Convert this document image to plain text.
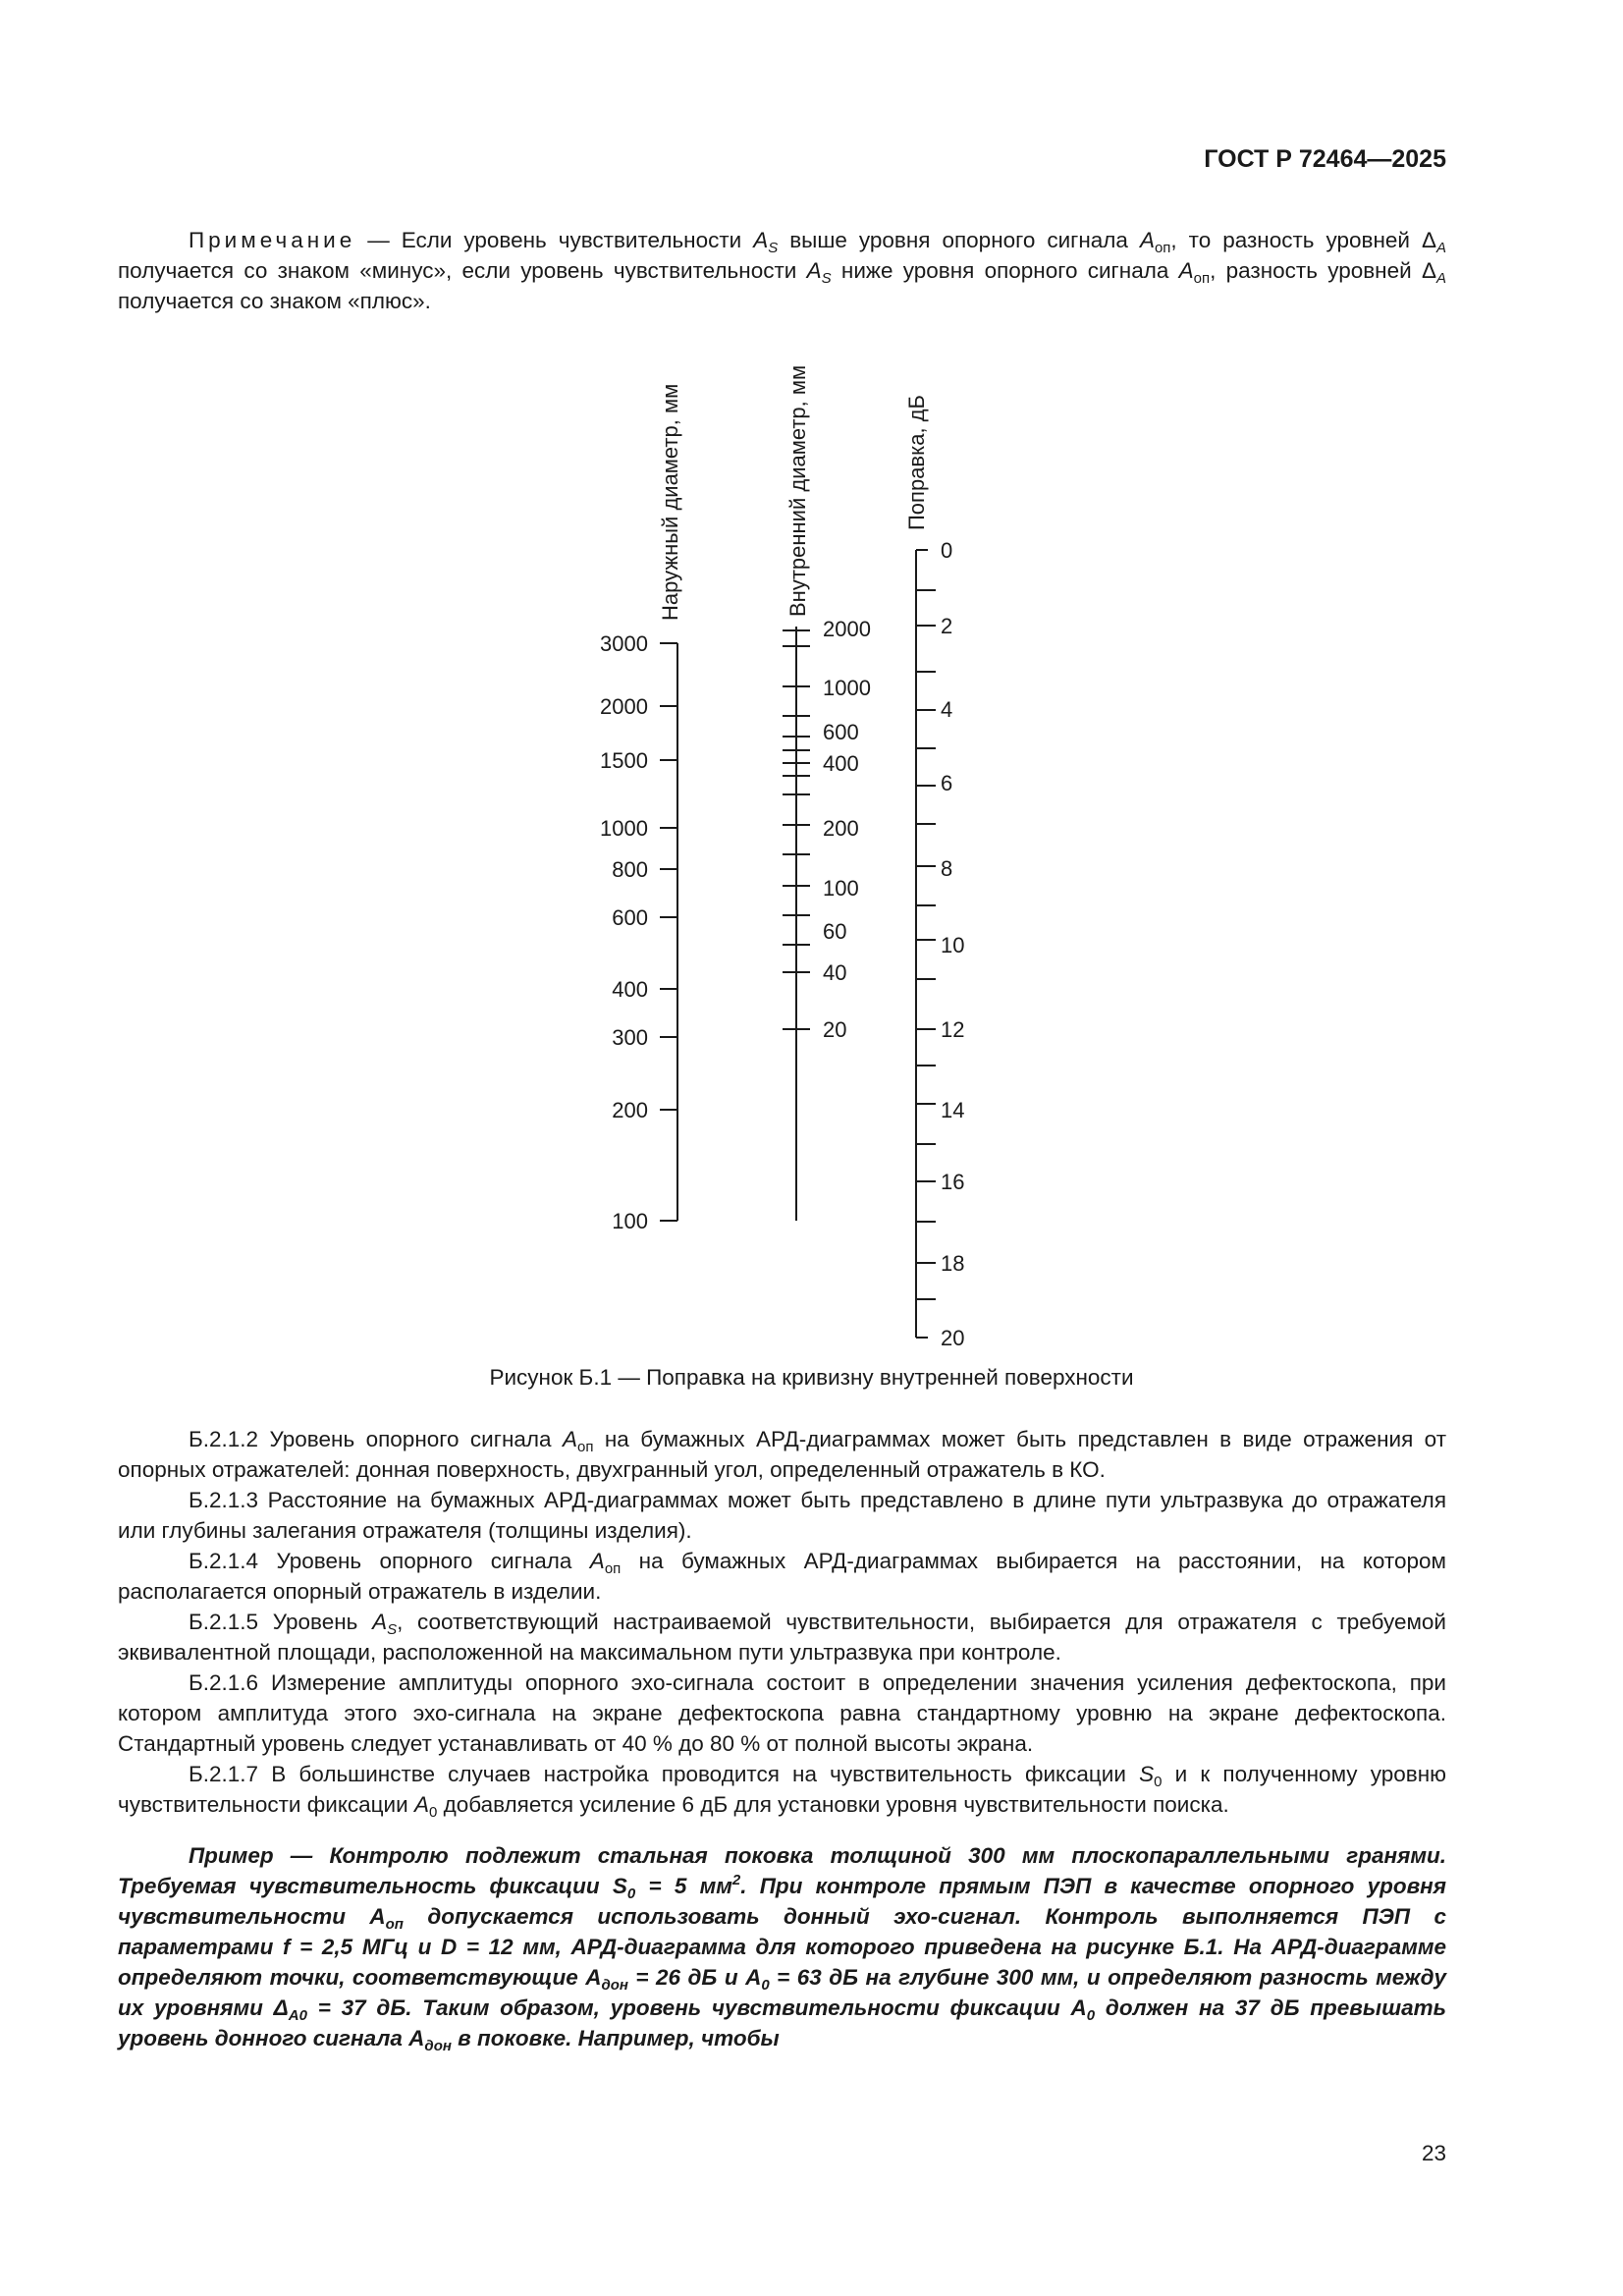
ГОСТ Р 72464—2025

Примечание — Если уровень чувствительности $A_S$ выше уровня опорного сигнала $A_{оп}$, то разность уровней $\Delta_A$ получается со знаком «минус», если уровень чувствительности $A_S$ ниже уровня опорного сигнала $A_{оп}$, разность уровней $\Delta_A$ получается со знаком «плюс».

Наружный диаметр, мм
3000
2000
1500
1000
800
600
400
300
200
100
Внутренний диаметр, мм
2000
1000
600
400
200
100
60
40
20
Поправка, дБ
0
2
4
6
8
10
12
14
16
18
20
Рисунок Б.1 — Поправка на кривизну внутренней поверхности

Б.2.1.2 Уровень опорного сигнала $A_{оп}$ на бумажных АРД-диаграммах может быть представлен в виде отражения от опорных отражателей: донная поверхность, двухгранный угол, определенный отражатель в КО.

Б.2.1.3 Расстояние на бумажных АРД-диаграммах может быть представлено в длине пути ультразвука до отражателя или глубины залегания отражателя (толщины изделия).

Б.2.1.4 Уровень опорного сигнала $A_{оп}$ на бумажных АРД-диаграммах выбирается на расстоянии, на котором располагается опорный отражатель в изделии.

Б.2.1.5 Уровень $A_S$, соответствующий настраиваемой чувствительности, выбирается для отражателя с требуемой эквивалентной площади, расположенной на максимальном пути ультразвука при контроле.

Б.2.1.6 Измерение амплитуды опорного эхо-сигнала состоит в определении значения усиления дефектоскопа, при котором амплитуда этого эхо-сигнала на экране дефектоскопа равна стандартному уровню на экране дефектоскопа. Стандартный уровень следует устанавливать от 40 % до 80 % от полной высоты экрана.

Б.2.1.7 В большинстве случаев настройка проводится на чувствительность фиксации $S_0$ и к полученному уровню чувствительности фиксации $A_0$ добавляется усиление 6 дБ для установки уровня чувствительности поиска.

Пример — Контролю подлежит стальная поковка толщиной 300 мм плоскопараллельными гранями. Требуемая чувствительность фиксации $S_0 = 5$ $мм^2$. При контроле прямым ПЭП в качестве опорного уровня чувствительности $A_{оп}$ допускается использовать донный эхо-сигнал. Контроль выполняется ПЭП с параметрами f = 2,5 МГц и D = 12 мм, АРД-диаграмма для которого приведена на рисунке Б.1. На АРД-диаграмме определяют точки, соответствующие $A_{дон} = 26$ дБ и $A_0 = 63$ дБ на глубине 300 мм, и определяют разность между их уровнями $\Delta_{A0} = 37$ дБ. Таким образом, уровень чувствительности фиксации $A_0$ должен на 37 дБ превышать уровень донного сигнала $A_{дон}$ в поковке. Например, чтобы

23
